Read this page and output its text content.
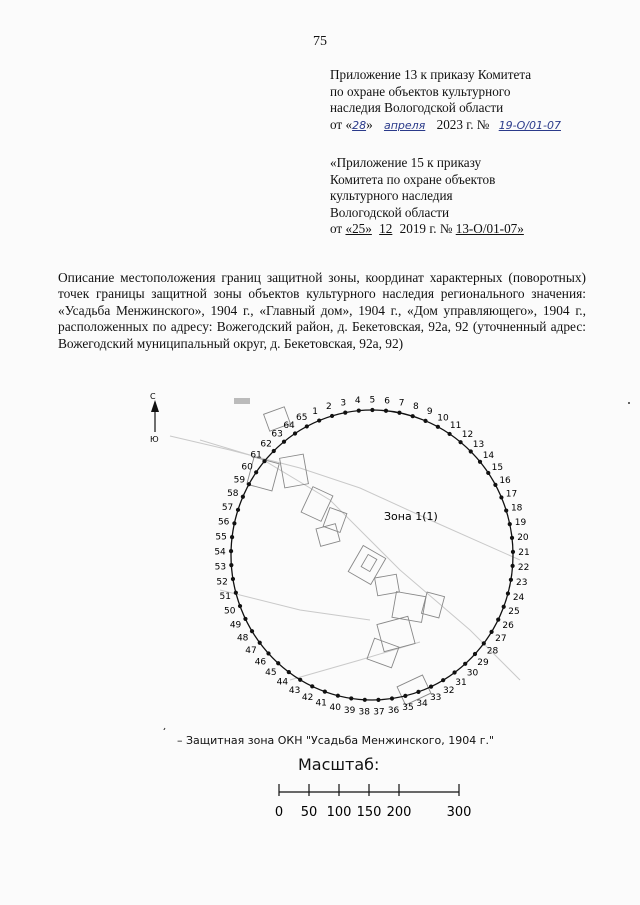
75
Приложение 13 к приказу Комитета
по охране объектов культурного
наследия Вологодской области
от «28» апреля 2023 г. № 19-О/01-07
«Приложение 15 к приказу
Комитета по охране объектов
культурного наследия
Вологодской области
от «25» 12 2019 г. № 13-О/01-07»
Описание местоположения границ защитной зоны, координат характерных (поворотных) точек границы защитной зоны объектов культурного наследия регионального значения: «Усадьба Менжинского», 1904 г., «Главный дом», 1904 г., «Дом управляющего», 1904 г., расположенных по адресу: Вожегодский район, д. Бекетовская, 92а, 92 (уточненный адрес: Вожегодский муниципальный округ, д. Бекетовская, 92а, 92)
С
Ю
Зона 1(1)
1 2 3 4 5 6 7 8
9
10
11
12
13
14
15
16
17
18
19
20
21
22
23
24
25
26
27
28
29
30
31
32
33
34
35
36
37
38
39
40
41
42
43
44
45
46
47
48
49
50
51
52
53
54
55
56
57
58
59
60
61
62
63
64
65
– Защитная зона ОКН "Усадьба Менжинского, 1904 г."
Масштаб:
0 50 100 150 200	300
